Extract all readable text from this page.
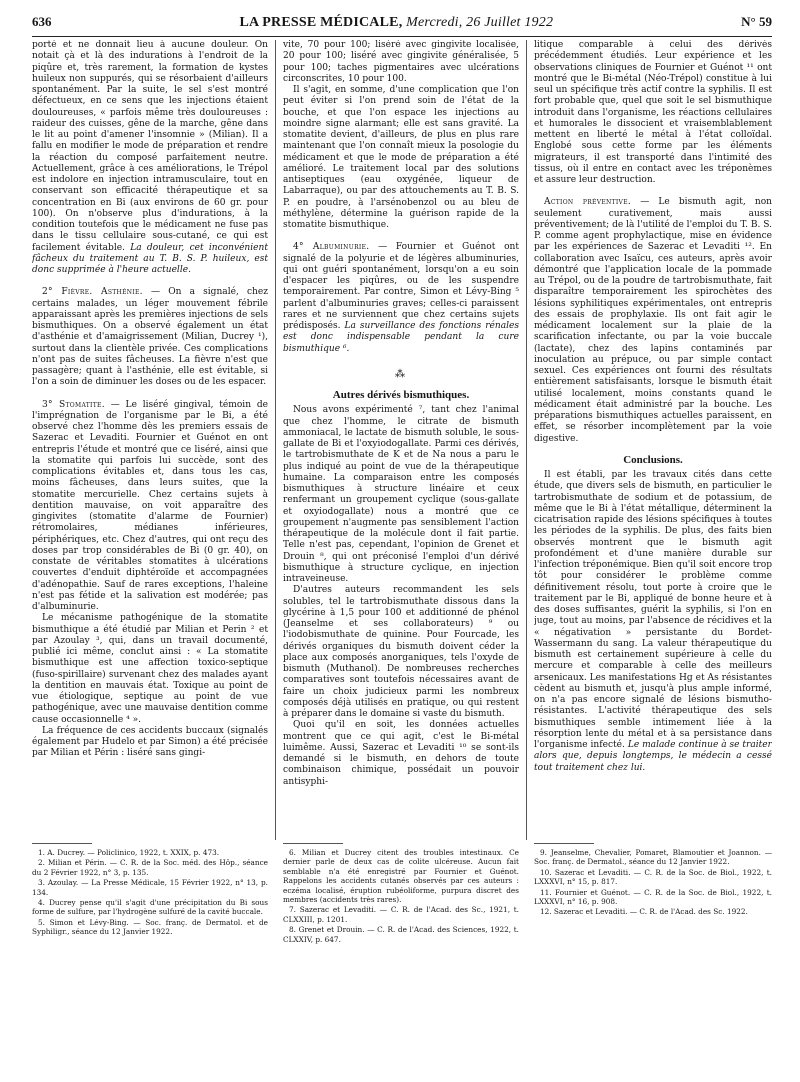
636	LA PRESSE MÉDICALE, Mercredi, 26 Juillet 1922	N° 59

porté et ne donnait lieu à aucune douleur. On notait çà et là des indurations à l'endroit de la piqûre et, très rarement, la formation de kystes huileux non suppurés, qui se résorbaient d'ailleurs spontanément. Par la suite, le sel s'est montré défectueux, en ce sens que les injections étaient douloureuses, « parfois même très douloureuses : raideur des cuisses, gêne de la marche, gêne dans le lit au point d'amener l'insomnie » (Milian). Il a fallu en modifier le mode de préparation et rendre la réaction du composé parfaitement neutre. Actuellement, grâce à ces améliorations, le Trépol est indolore en injection intramusculaire, tout en conservant son efficacité thérapeutique et sa concentration en Bi (aux environs de 60 gr. pour 100). On n'observe plus d'indurations, à la condition toutefois que le médicament ne fuse pas dans le tissu cellulaire sous-cutané, ce qui est facilement évitable. La douleur, cet inconvénient fâcheux du traitement au T. B. S. P. huileux, est donc supprimée à l'heure actuelle.

2° Fièvre. Asthénie. — On a signalé, chez certains malades, un léger mouvement fébrile apparaissant après les premières injections de sels bismuthiques. On a observé également un état d'asthénie et d'amaigrissement (Milian, Ducrey ¹), surtout dans la clientèle privée. Ces complications n'ont pas de suites fâcheuses. La fièvre n'est que passagère; quant à l'asthénie, elle est évitable, si l'on a soin de diminuer les doses ou de les espacer.

3° Stomatite. — Le liséré gingival, témoin de l'imprégnation de l'organisme par le Bi, a été observé chez l'homme dès les premiers essais de Sazerac et Levaditi. Fournier et Guénot en ont entrepris l'étude et montré que ce liséré, ainsi que la stomatite qui parfois lui succède, sont des complications évitables et, dans tous les cas, moins fâcheuses, dans leurs suites, que la stomatite mercurielle. Chez certains sujets à dentition mauvaise, on voit apparaître des gingivites (stomatite d'alarme de Fournier) rétromolaires, médianes inférieures, périphériques, etc. Chez d'autres, qui ont reçu des doses par trop considérables de Bi (0 gr. 40), on constate de véritables stomatites à ulcérations couvertes d'enduit diphtéroïde et accompagnées d'adénopathie. Sauf de rares exceptions, l'haleine n'est pas fétide et la salivation est modérée; pas d'albuminurie.

Le mécanisme pathogénique de la stomatite bismuthique a été étudié par Milian et Perin ² et par Azoulay ³, qui, dans un travail documenté, publié ici même, conclut ainsi : « La stomatite bismuthique est une affection toxico-septique (fuso-spirillaire) survenant chez des malades ayant la dentition en mauvais état. Toxique au point de vue étiologique, septique au point de vue pathogénique, avec une mauvaise dentition comme cause occasionnelle ⁴ ».

La fréquence de ces accidents buccaux (signalés également par Hudelo et par Simon) a été précisée par Milian et Périn : liséré sans gingi-

vite, 70 pour 100; liséré avec gingivite localisée, 20 pour 100; liséré avec gingivite généralisée, 5 pour 100; taches pigmentaires avec ulcérations circonscrites, 10 pour 100.

Il s'agit, en somme, d'une complication que l'on peut éviter si l'on prend soin de l'état de la bouche, et que l'on espace les injections au moindre signe alarmant; elle est sans gravité. La stomatite devient, d'ailleurs, de plus en plus rare maintenant que l'on connaît mieux la posologie du médicament et que le mode de préparation a été amélioré. Le traitement local par des solutions antiseptiques (eau oxygénée, liqueur de Labarraque), ou par des attouchements au T. B. S. P. en poudre, à l'arsénobenzol ou au bleu de méthylène, détermine la guérison rapide de la stomatite bismuthique.

4° Albuminurie. — Fournier et Guénot ont signalé de la polyurie et de légères albuminuries, qui ont guéri spontanément, lorsqu'on a eu soin d'espacer les piqûres, ou de les suspendre temporairement. Par contre, Simon et Lévy-Bing ⁵ parlent d'albuminuries graves; celles-ci paraissent rares et ne surviennent que chez certains sujets prédisposés. La surveillance des fonctions rénales est donc indispensable pendant la cure bismuthique ⁶.

⁂
Autres dérivés bismuthiques.

Nous avons expérimenté ⁷, tant chez l'animal que chez l'homme, le citrate de bismuth ammoniacal, le lactate de bismuth soluble, le sous-gallate de Bi et l'oxyiodogallate. Parmi ces dérivés, le tartrobismuthate de K et de Na nous a paru le plus indiqué au point de vue de la thérapeutique humaine. La comparaison entre les composés bismuthiques à structure linéaire et ceux renfermant un groupement cyclique (sous-gallate et oxyiodogallate) nous a montré que ce groupement n'augmente pas sensiblement l'action thérapeutique de la molécule dont il fait partie. Telle n'est pas, cependant, l'opinion de Grenet et Drouin ⁸, qui ont préconisé l'emploi d'un dérivé bismuthique à structure cyclique, en injection intraveineuse.

D'autres auteurs recommandent les sels solubles, tel le tartrobismuthate dissous dans la glycérine à 1,5 pour 100 et additionné de phénol (Jeanselme et ses collaborateurs) ⁹ ou l'iodobismuthate de quinine. Pour Fourcade, les dérivés organiques du bismuth doivent céder la place aux composés anorganiques, tels l'oxyde de bismuth (Muthanol). De nombreuses recherches comparatives sont toutefois nécessaires avant de faire un choix judicieux parmi les nombreux composés déjà utilisés en pratique, ou qui restent à préparer dans le domaine si vaste du bismuth.

Quoi qu'il en soit, les données actuelles montrent que ce qui agit, c'est le Bi-métal luimême. Aussi, Sazerac et Levaditi ¹⁰ se sont-ils demandé si le bismuth, en dehors de toute combinaison chimique, possédait un pouvoir antisyphi-

litique comparable à celui des dérivés précédemment étudiés. Leur expérience et les observations cliniques de Fournier et Guénot ¹¹ ont montré que le Bi-métal (Néo-Trépol) constitue à lui seul un spécifique très actif contre la syphilis. Il est fort probable que, quel que soit le sel bismuthique introduit dans l'organisme, les réactions cellulaires et humorales le dissocient et vraisemblablement mettent en liberté le métal à l'état colloïdal. Englobé sous cette forme par les éléments migrateurs, il est transporté dans l'intimité des tissus, où il entre en contact avec les tréponèmes et assure leur destruction.

Action préventive. — Le bismuth agit, non seulement curativement, mais aussi préventivement; de là l'utilité de l'emploi du T. B. S. P. comme agent prophylactique, mise en évidence par les expériences de Sazerac et Levaditi ¹². En collaboration avec Isaïcu, ces auteurs, après avoir démontré que l'application locale de la pommade au Trépol, ou de la poudre de tartrobismuthate, fait disparaître temporairement les spirochètes des lésions syphilitiques expérimentales, ont entrepris des essais de prophylaxie. Ils ont fait agir le médicament localement sur la plaie de la scarification infectante, ou par la voie buccale (lactate), chez des lapins contaminés par inoculation au prépuce, ou par simple contact sexuel. Ces expériences ont fourni des résultats entièrement satisfaisants, lorsque le bismuth était utilisé localement, moins constants quand le médicament était administré par la bouche. Les préparations bismuthiques actuelles paraissent, en effet, se résorber incomplètement par la voie digestive.

Conclusions.

Il est établi, par les travaux cités dans cette étude, que divers sels de bismuth, en particulier le tartrobismuthate de sodium et de potassium, de même que le Bi à l'état métallique, déterminent la cicatrisation rapide des lésions spécifiques à toutes les périodes de la syphilis. De plus, des faits bien observés montrent que le bismuth agit profondément et d'une manière durable sur l'infection tréponémique. Bien qu'il soit encore trop tôt pour considérer le problème comme définitivement résolu, tout porte à croire que le traitement par le Bi, appliqué de bonne heure et à des doses suffisantes, guérit la syphilis, si l'on en juge, tout au moins, par l'absence de récidives et la « négativation » persistante du Bordet-Wassermann du sang. La valeur thérapeutique du bismuth est certainement supérieure à celle du mercure et comparable à celle des meilleurs arsenicaux. Les manifestations Hg et As résistantes cèdent au bismuth et, jusqu'à plus ample informé, on n'a pas encore signalé de lésions bismutho-résistantes. L'activité thérapeutique des sels bismuthiques semble intimement liée à la résorption lente du métal et à sa persistance dans l'organisme infecté. Le malade continue à se traiter alors que, depuis longtemps, le médecin a cessé tout traitement chez lui.

1. A. Ducrey. — Policlinico, 1922, t. XXIX, p. 473.

2. Milian et Périn. — C. R. de la Soc. méd. des Hôp., séance du 2 Février 1922, n° 3, p. 135.

3. Azoulay. — La Presse Médicale, 15 Février 1922, n° 13, p. 134.

4. Ducrey pense qu'il s'agit d'une précipitation du Bi sous forme de sulfure, par l'hydrogène sulfuré de la cavité buccale.

5. Simon et Lévy-Bing. — Soc. franç. de Dermatol. et de Syphiligr., séance du 12 Janvier 1922.

6. Milian et Ducrey citent des troubles intestinaux. Ce dernier parle de deux cas de colite ulcéreuse. Aucun fait semblable n'a été enregistré par Fournier et Guénot. Rappelons les accidents cutanés observés par ces auteurs : eczéma localisé, éruption rubéoliforme, purpura discret des membres (accidents très rares).

7. Sazerac et Levaditi. — C. R. de l'Acad. des Sc., 1921, t. CLXXIII, p. 1201.

8. Grenet et Drouin. — C. R. de l'Acad. des Sciences, 1922, t. CLXXIV, p. 647.

9. Jeanselme, Chevalier, Pomaret, Blamoutier et Joannon. — Soc. franç. de Dermatol., séance du 12 Janvier 1922.

10. Sazerac et Levaditi. — C. R. de la Soc. de Biol., 1922, t. LXXXVI, n° 15, p. 817.

11. Fournier et Guénot. — C. R. de la Soc. de Biol., 1922, t. LXXXVI, n° 16, p. 908.

12. Sazerac et Levaditi. — C. R. de l'Acad. des Sc. 1922.
